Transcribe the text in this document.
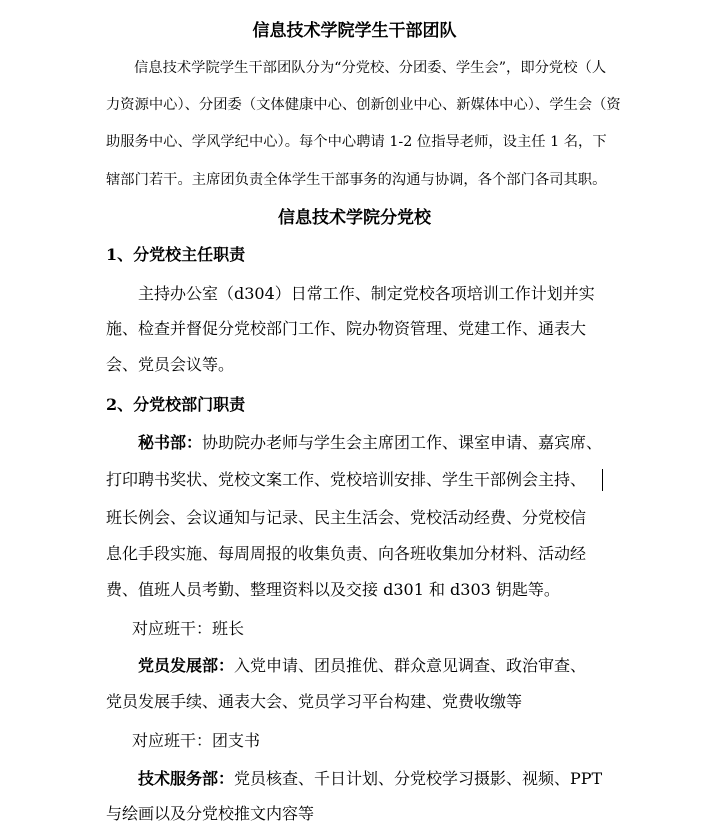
信息技术学院学生干部团队

信息技术学院学生干部团队分为“分党校、分团委、学生会”，即分党校（人

力资源中心）、分团委（文体健康中心、创新创业中心、新媒体中心）、学生会（资

助服务中心、学风学纪中心）。每个中心聘请 1-2 位指导老师，设主任 1 名，下

辖部门若干。主席团负责全体学生干部事务的沟通与协调，各个部门各司其职。

信息技术学院分党校

1、分党校主任职责

主持办公室（d304）日常工作、制定党校各项培训工作计划并实

施、检查并督促分党校部门工作、院办物资管理、党建工作、通表大

会、党员会议等。

2、分党校部门职责

秘书部：协助院办老师与学生会主席团工作、课室申请、嘉宾席、

打印聘书奖状、党校文案工作、党校培训安排、学生干部例会主持、

班长例会、会议通知与记录、民主生活会、党校活动经费、分党校信

息化手段实施、每周周报的收集负责、向各班收集加分材料、活动经

费、值班人员考勤、整理资料以及交接 d301 和 d303 钥匙等。

对应班干：班长

党员发展部：入党申请、团员推优、群众意见调查、政治审查、

党员发展手续、通表大会、党员学习平台构建、党费收缴等

对应班干：团支书

技术服务部：党员核查、千日计划、分党校学习摄影、视频、PPT

与绘画以及分党校推文内容等
